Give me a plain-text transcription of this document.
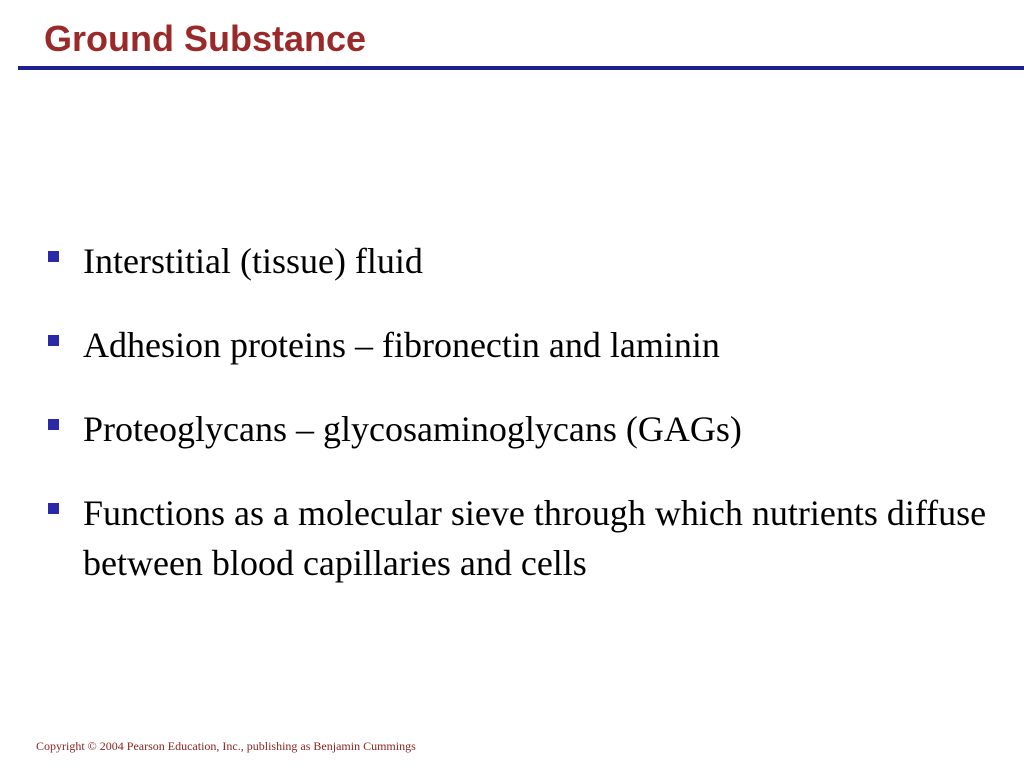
Ground Substance
Interstitial (tissue) fluid
Adhesion proteins – fibronectin and laminin
Proteoglycans – glycosaminoglycans (GAGs)
Functions as a molecular sieve through which nutrients diffuse between blood capillaries and cells

Copyright © 2004 Pearson Education, Inc., publishing as Benjamin Cummings
